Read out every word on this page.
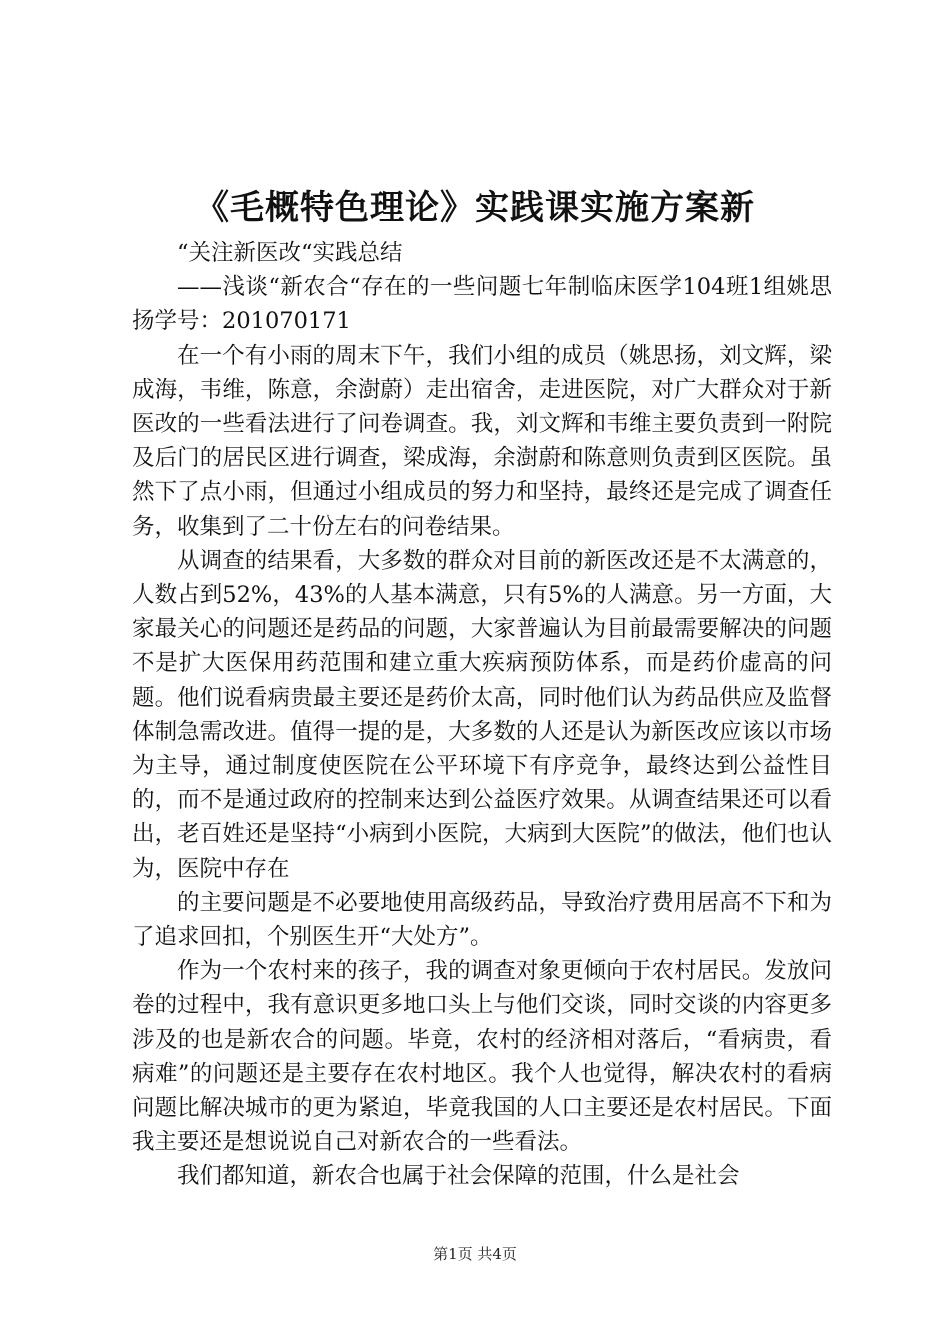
《毛概特色理论》实践课实施方案新

“关注新医改“实践总结

——浅谈“新农合“存在的一些问题七年制临床医学104班1组姚思扬学号：201070171

在一个有小雨的周末下午，我们小组的成员（姚思扬，刘文辉，梁成海，韦维，陈意，余澍蔚）走出宿舍，走进医院，对广大群众对于新医改的一些看法进行了问卷调查。我，刘文辉和韦维主要负责到一附院及后门的居民区进行调查，梁成海，余澍蔚和陈意则负责到区医院。虽然下了点小雨，但通过小组成员的努力和坚持，最终还是完成了调查任务，收集到了二十份左右的问卷结果。

从调查的结果看，大多数的群众对目前的新医改还是不太满意的，人数占到52%，43%的人基本满意，只有5%的人满意。另一方面，大家最关心的问题还是药品的问题，大家普遍认为目前最需要解决的问题不是扩大医保用药范围和建立重大疾病预防体系，而是药价虚高的问题。他们说看病贵最主要还是药价太高，同时他们认为药品供应及监督体制急需改进。值得一提的是，大多数的人还是认为新医改应该以市场为主导，通过制度使医院在公平环境下有序竞争，最终达到公益性目的，而不是通过政府的控制来达到公益医疗效果。从调查结果还可以看出，老百姓还是坚持“小病到小医院，大病到大医院”的做法，他们也认为，医院中存在

的主要问题是不必要地使用高级药品，导致治疗费用居高不下和为了追求回扣，个别医生开“大处方”。

作为一个农村来的孩子，我的调查对象更倾向于农村居民。发放问卷的过程中，我有意识更多地口头上与他们交谈，同时交谈的内容更多涉及的也是新农合的问题。毕竟，农村的经济相对落后，“看病贵，看病难”的问题还是主要存在农村地区。我个人也觉得，解决农村的看病问题比解决城市的更为紧迫，毕竟我国的人口主要还是农村居民。下面我主要还是想说说自己对新农合的一些看法。

我们都知道，新农合也属于社会保障的范围，什么是社会

第1页 共4页
